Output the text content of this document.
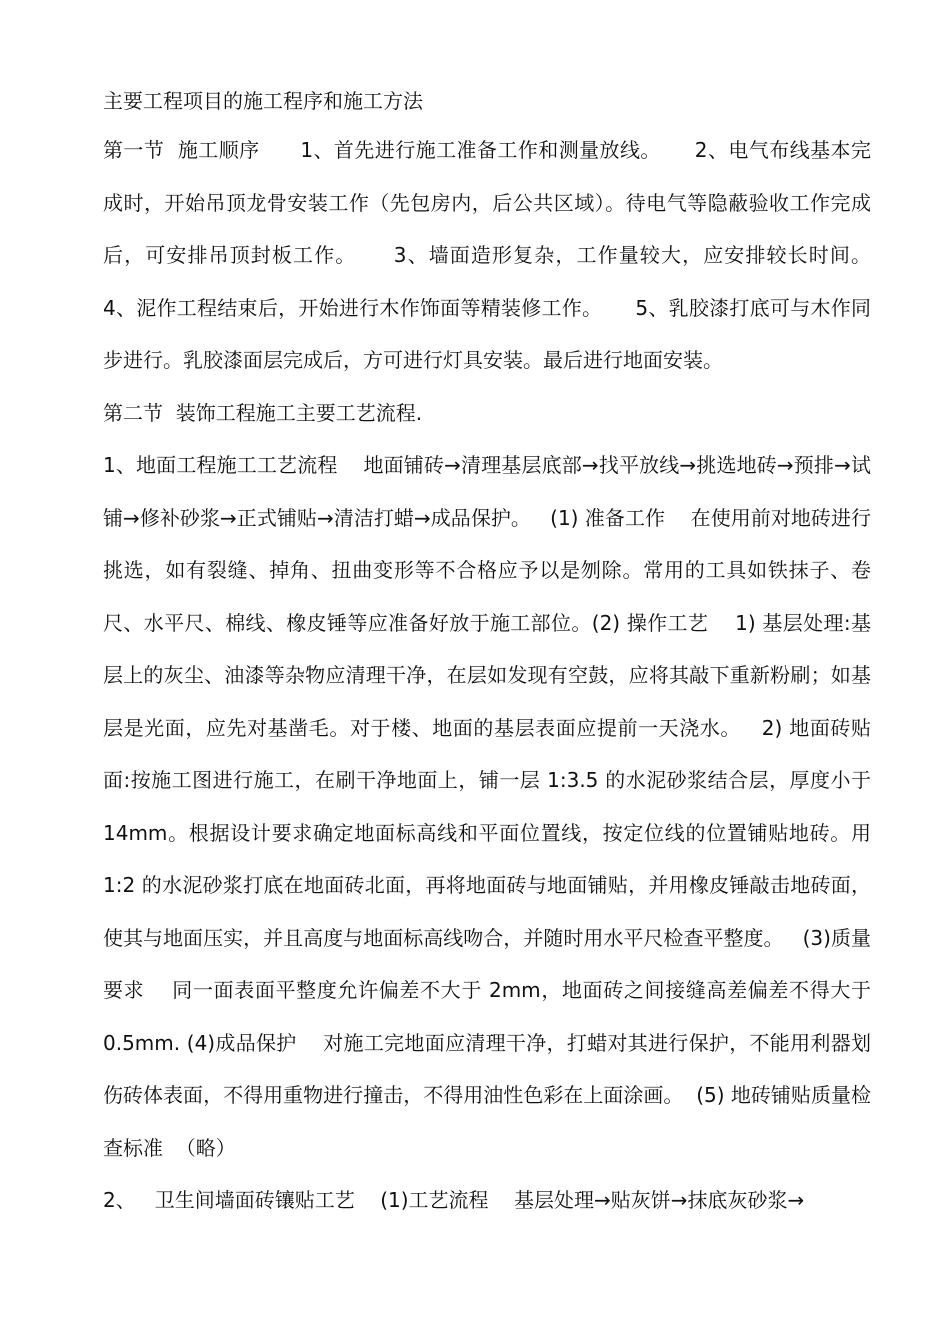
主要工程项目的施工程序和施工方法

第一节  施工顺序      1、首先进行施工准备工作和测量放线。     2、电气布线基本完成时，开始吊顶龙骨安装工作（先包房内，后公共区域）。待电气等隐蔽验收工作完成后，可安排吊顶封板工作。     3、墙面造形复杂，工作量较大，应安排较长时间。   4、泥作工程结束后，开始进行木作饰面等精装修工作。     5、乳胶漆打底可与木作同步进行。乳胶漆面层完成后，方可进行灯具安装。最后进行地面安装。

第二节  装饰工程施工主要工艺流程.

1、地面工程施工工艺流程    地面铺砖→清理基层底部→找平放线→挑选地砖→预排→试铺→修补砂浆→正式铺贴→清洁打蜡→成品保护。   (1) 准备工作    在使用前对地砖进行挑选，如有裂缝、掉角、扭曲变形等不合格应予以是刎除。常用的工具如铁抹子、卷尺、水平尺、棉线、橡皮锤等应准备好放于施工部位。(2) 操作工艺    1) 基层处理:基层上的灰尘、油漆等杂物应清理干净，在层如发现有空鼓，应将其敲下重新粉刷；如基层是光面，应先对基凿毛。对于楼、地面的基层表面应提前一天浇水。   2) 地面砖贴面:按施工图进行施工，在刷干净地面上，铺一层 1:3.5 的水泥砂浆结合层，厚度小于 14mm。根据设计要求确定地面标高线和平面位置线，按定位线的位置铺贴地砖。用 1:2 的水泥砂浆打底在地面砖北面，再将地面砖与地面铺贴，并用橡皮锤敲击地砖面，使其与地面压实，并且高度与地面标高线吻合，并随时用水平尺检查平整度。   (3)质量要求    同一面表面平整度允许偏差不大于 2mm，地面砖之间接缝高差偏差不得大于 0.5mm. (4)成品保护    对施工完地面应清理干净，打蜡对其进行保护，不能用利器划伤砖体表面，不得用重物进行撞击，不得用油性色彩在上面涂画。  (5) 地砖铺贴质量检查标准  （略）

2、   卫生间墙面砖镶贴工艺    (1)工艺流程    基层处理→贴灰饼→抹底灰砂浆→
